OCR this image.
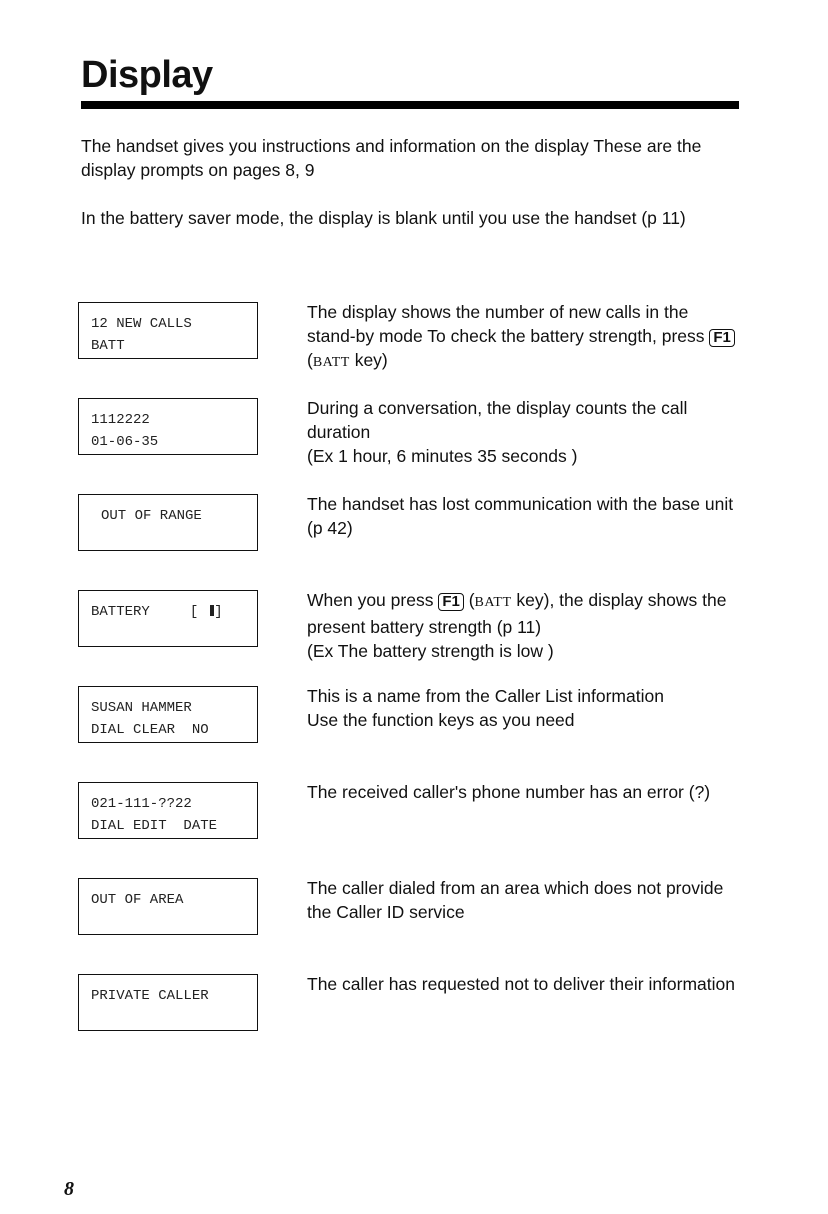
Display

The handset gives you instructions and information on the display These are the display prompts on pages 8, 9

In the battery saver mode, the display is blank until you use the handset (p 11)

12 NEW CALLS
BATT

The display shows the number of new calls in the stand-by mode To check the battery strength, press F1 (BATT key)

1112222
01-06-35

During a conversation, the display counts the call duration
(Ex 1 hour, 6 minutes 35 seconds )

OUT OF RANGE

The handset has lost communication with the base unit (p 42)

BATTERY	[ ]

When you press F1 (BATT key), the display shows the present battery strength (p 11)
(Ex The battery strength is low )

SUSAN HAMMER
DIAL CLEAR  NO

This is a name from the Caller List information
Use the function keys as you need

021-111-??22
DIAL EDIT  DATE

The received caller's phone number has an error (?)

OUT OF AREA

The caller dialed from an area which does not provide the Caller ID service

PRIVATE CALLER

The caller has requested not to deliver their information

8
